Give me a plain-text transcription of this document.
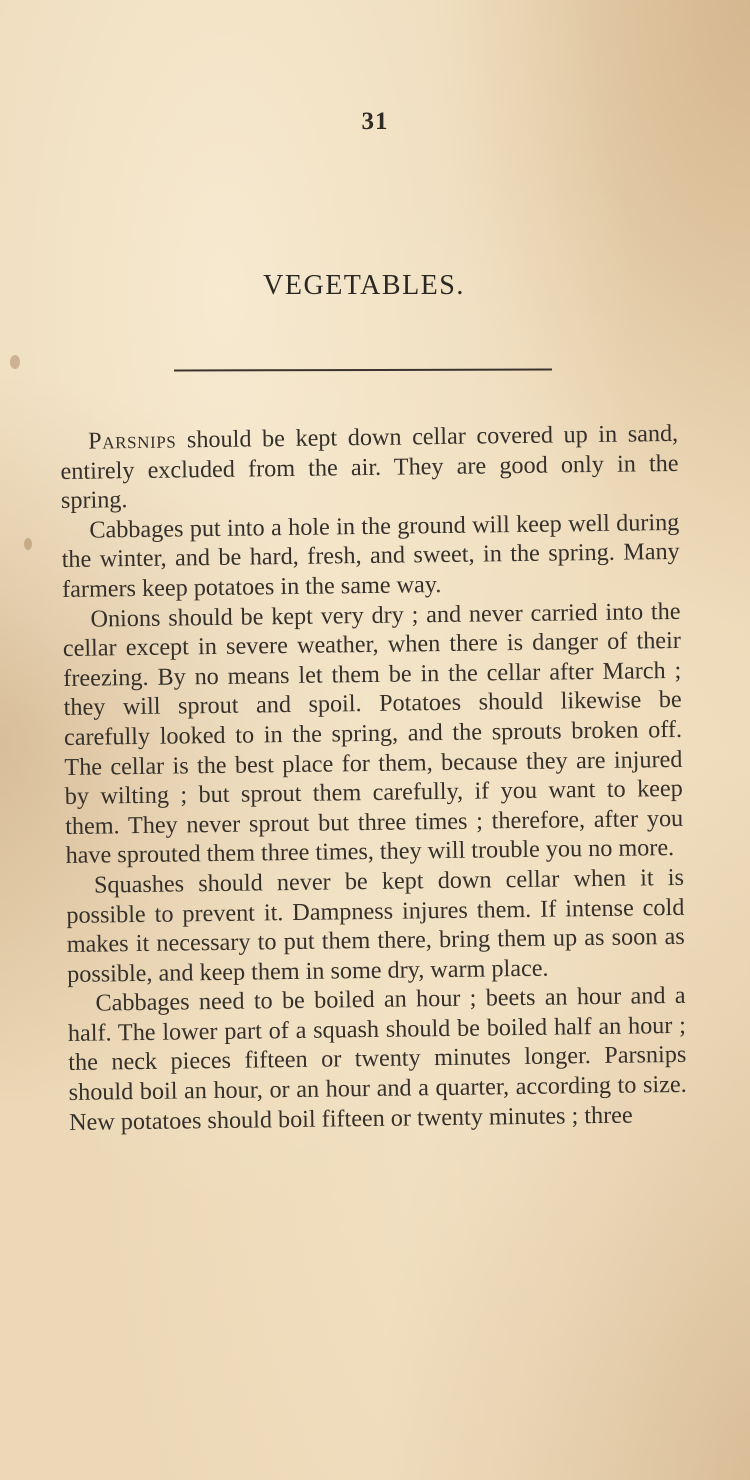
31
VEGETABLES.

Parsnips should be kept down cellar covered up in sand, entirely excluded from the air. They are good only in the spring.

Cabbages put into a hole in the ground will keep well during the winter, and be hard, fresh, and sweet, in the spring. Many farmers keep potatoes in the same way.

Onions should be kept very dry ; and never carried into the cellar except in severe weather, when there is danger of their freezing. By no means let them be in the cellar after March ; they will sprout and spoil. Potatoes should likewise be carefully looked to in the spring, and the sprouts broken off. The cellar is the best place for them, because they are injured by wilting ; but sprout them carefully, if you want to keep them. They never sprout but three times ; therefore, after you have sprouted them three times, they will trouble you no more.

Squashes should never be kept down cellar when it is possible to prevent it. Dampness injures them. If intense cold makes it necessary to put them there, bring them up as soon as possible, and keep them in some dry, warm place.

Cabbages need to be boiled an hour ; beets an hour and a half. The lower part of a squash should be boiled half an hour ; the neck pieces fifteen or twenty minutes longer. Parsnips should boil an hour, or an hour and a quarter, according to size. New potatoes should boil fifteen or twenty minutes ; three
